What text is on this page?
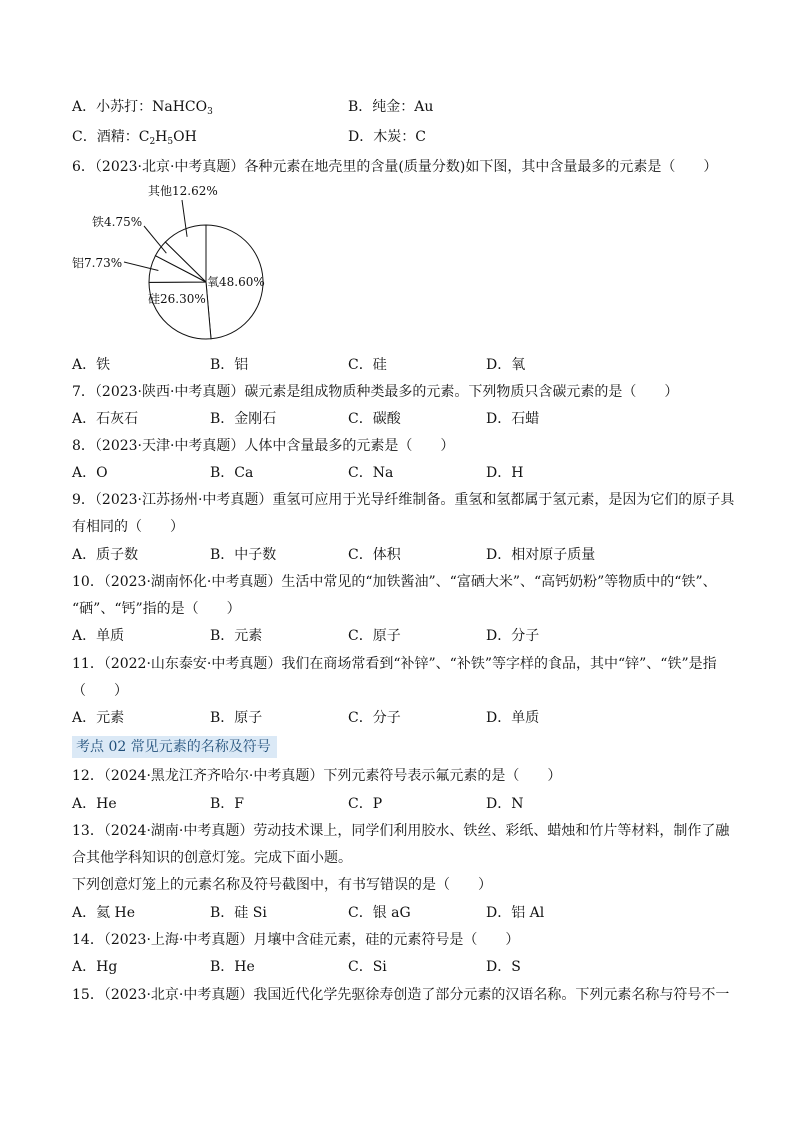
A．小苏打：NaHCO$_3$	B．纯金：Au
C．酒精：$C_2H_5OH$	D．木炭：C
6．（2023·北京·中考真题）各种元素在地壳里的含量(质量分数)如下图，其中含量最多的元素是（　　）
氧48.60%
硅26.30%
铝7.73%
铁4.75%
其他12.62%
A．铁	B．铝	C．硅	D．氧
7．（2023·陕西·中考真题）碳元素是组成物质种类最多的元素。下列物质只含碳元素的是（　　）
A．石灰石	B．金刚石	C．碳酸	D．石蜡
8．（2023·天津·中考真题）人体中含量最多的元素是（　　）
A．O	B．Ca	C．Na	D．H
9．（2023·江苏扬州·中考真题）重氢可应用于光导纤维制备。重氢和氢都属于氢元素，是因为它们的原子具
有相同的（　　）
A．质子数	B．中子数	C．体积	D．相对原子质量
10．（2023·湖南怀化·中考真题）生活中常见的“加铁酱油”、“富硒大米”、“高钙奶粉”等物质中的“铁”、
“硒”、“钙”指的是（　　）
A．单质	B．元素	C．原子	D．分子
11．（2022·山东泰安·中考真题）我们在商场常看到“补锌”、“补铁”等字样的食品，其中“锌”、“铁”是指
（　　）
A．元素	B．原子	C．分子	D．单质
考点 02 常见元素的名称及符号
12．（2024·黑龙江齐齐哈尔·中考真题）下列元素符号表示氟元素的是（　　）
A．He	B．F	C．P	D．N
13．（2024·湖南·中考真题）劳动技术课上，同学们利用胶水、铁丝、彩纸、蜡烛和竹片等材料，制作了融
合其他学科知识的创意灯笼。完成下面小题。
下列创意灯笼上的元素名称及符号截图中，有书写错误的是（　　）
A．氦 He	B．硅 Si	C．银 aG	D．铝 Al
14．（2023·上海·中考真题）月壤中含硅元素，硅的元素符号是（　　）
A．Hg	B．He	C．Si	D．S
15．（2023·北京·中考真题）我国近代化学先驱徐寿创造了部分元素的汉语名称。下列元素名称与符号不一
